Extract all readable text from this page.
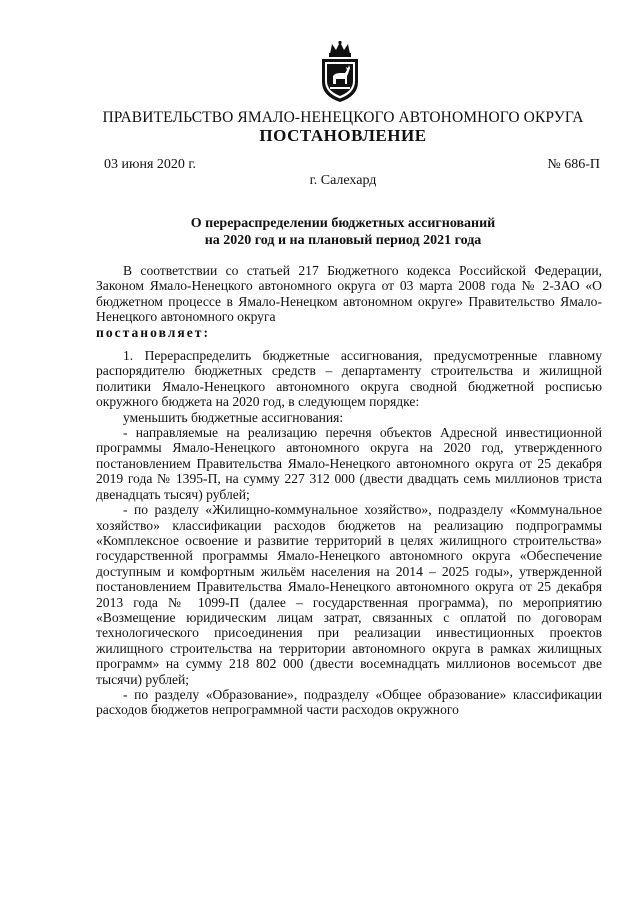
ПРАВИТЕЛЬСТВО ЯМАЛО-НЕНЕЦКОГО АВТОНОМНОГО ОКРУГА
ПОСТАНОВЛЕНИЕ
03 июня 2020 г.	№ 686-П
г. Салехард
О перераспределении бюджетных ассигнований
на 2020 год и на плановый период 2021 года

В соответствии со статьей 217 Бюджетного кодекса Российской Федерации, Законом Ямало-Ненецкого автономного округа от 03 марта 2008 года № 2-ЗАО «О бюджетном процессе в Ямало-Ненецком автономном округе» Правительство Ямало-Ненецкого автономного округа
постановляет:

1. Перераспределить бюджетные ассигнования, предусмотренные главному распорядителю бюджетных средств – департаменту строительства и жилищной политики Ямало-Ненецкого автономного округа сводной бюджетной росписью окружного бюджета на 2020 год, в следующем порядке:

уменьшить бюджетные ассигнования:

- направляемые на реализацию перечня объектов Адресной инвестиционной программы Ямало-Ненецкого автономного округа на 2020 год, утвержденного постановлением Правительства Ямало-Ненецкого автономного округа от 25 декабря 2019 года № 1395-П, на сумму 227 312 000 (двести двадцать семь миллионов триста двенадцать тысяч) рублей;

- по разделу «Жилищно-коммунальное хозяйство», подразделу «Коммунальное хозяйство» классификации расходов бюджетов на реализацию подпрограммы «Комплексное освоение и развитие территорий в целях жилищного строительства» государственной программы Ямало-Ненецкого автономного округа «Обеспечение доступным и комфортным жильём населения на 2014 – 2025 годы», утвержденной постановлением Правительства Ямало-Ненецкого автономного округа от 25 декабря 2013 года № 1099-П (далее – государственная программа), по мероприятию «Возмещение юридическим лицам затрат, связанных с оплатой по договорам технологического присоединения при реализации инвестиционных проектов жилищного строительства на территории автономного округа в рамках жилищных программ» на сумму 218 802 000 (двести восемнадцать миллионов восемьсот две тысячи) рублей;

- по разделу «Образование», подразделу «Общее образование» классификации расходов бюджетов непрограммной части расходов окружного
